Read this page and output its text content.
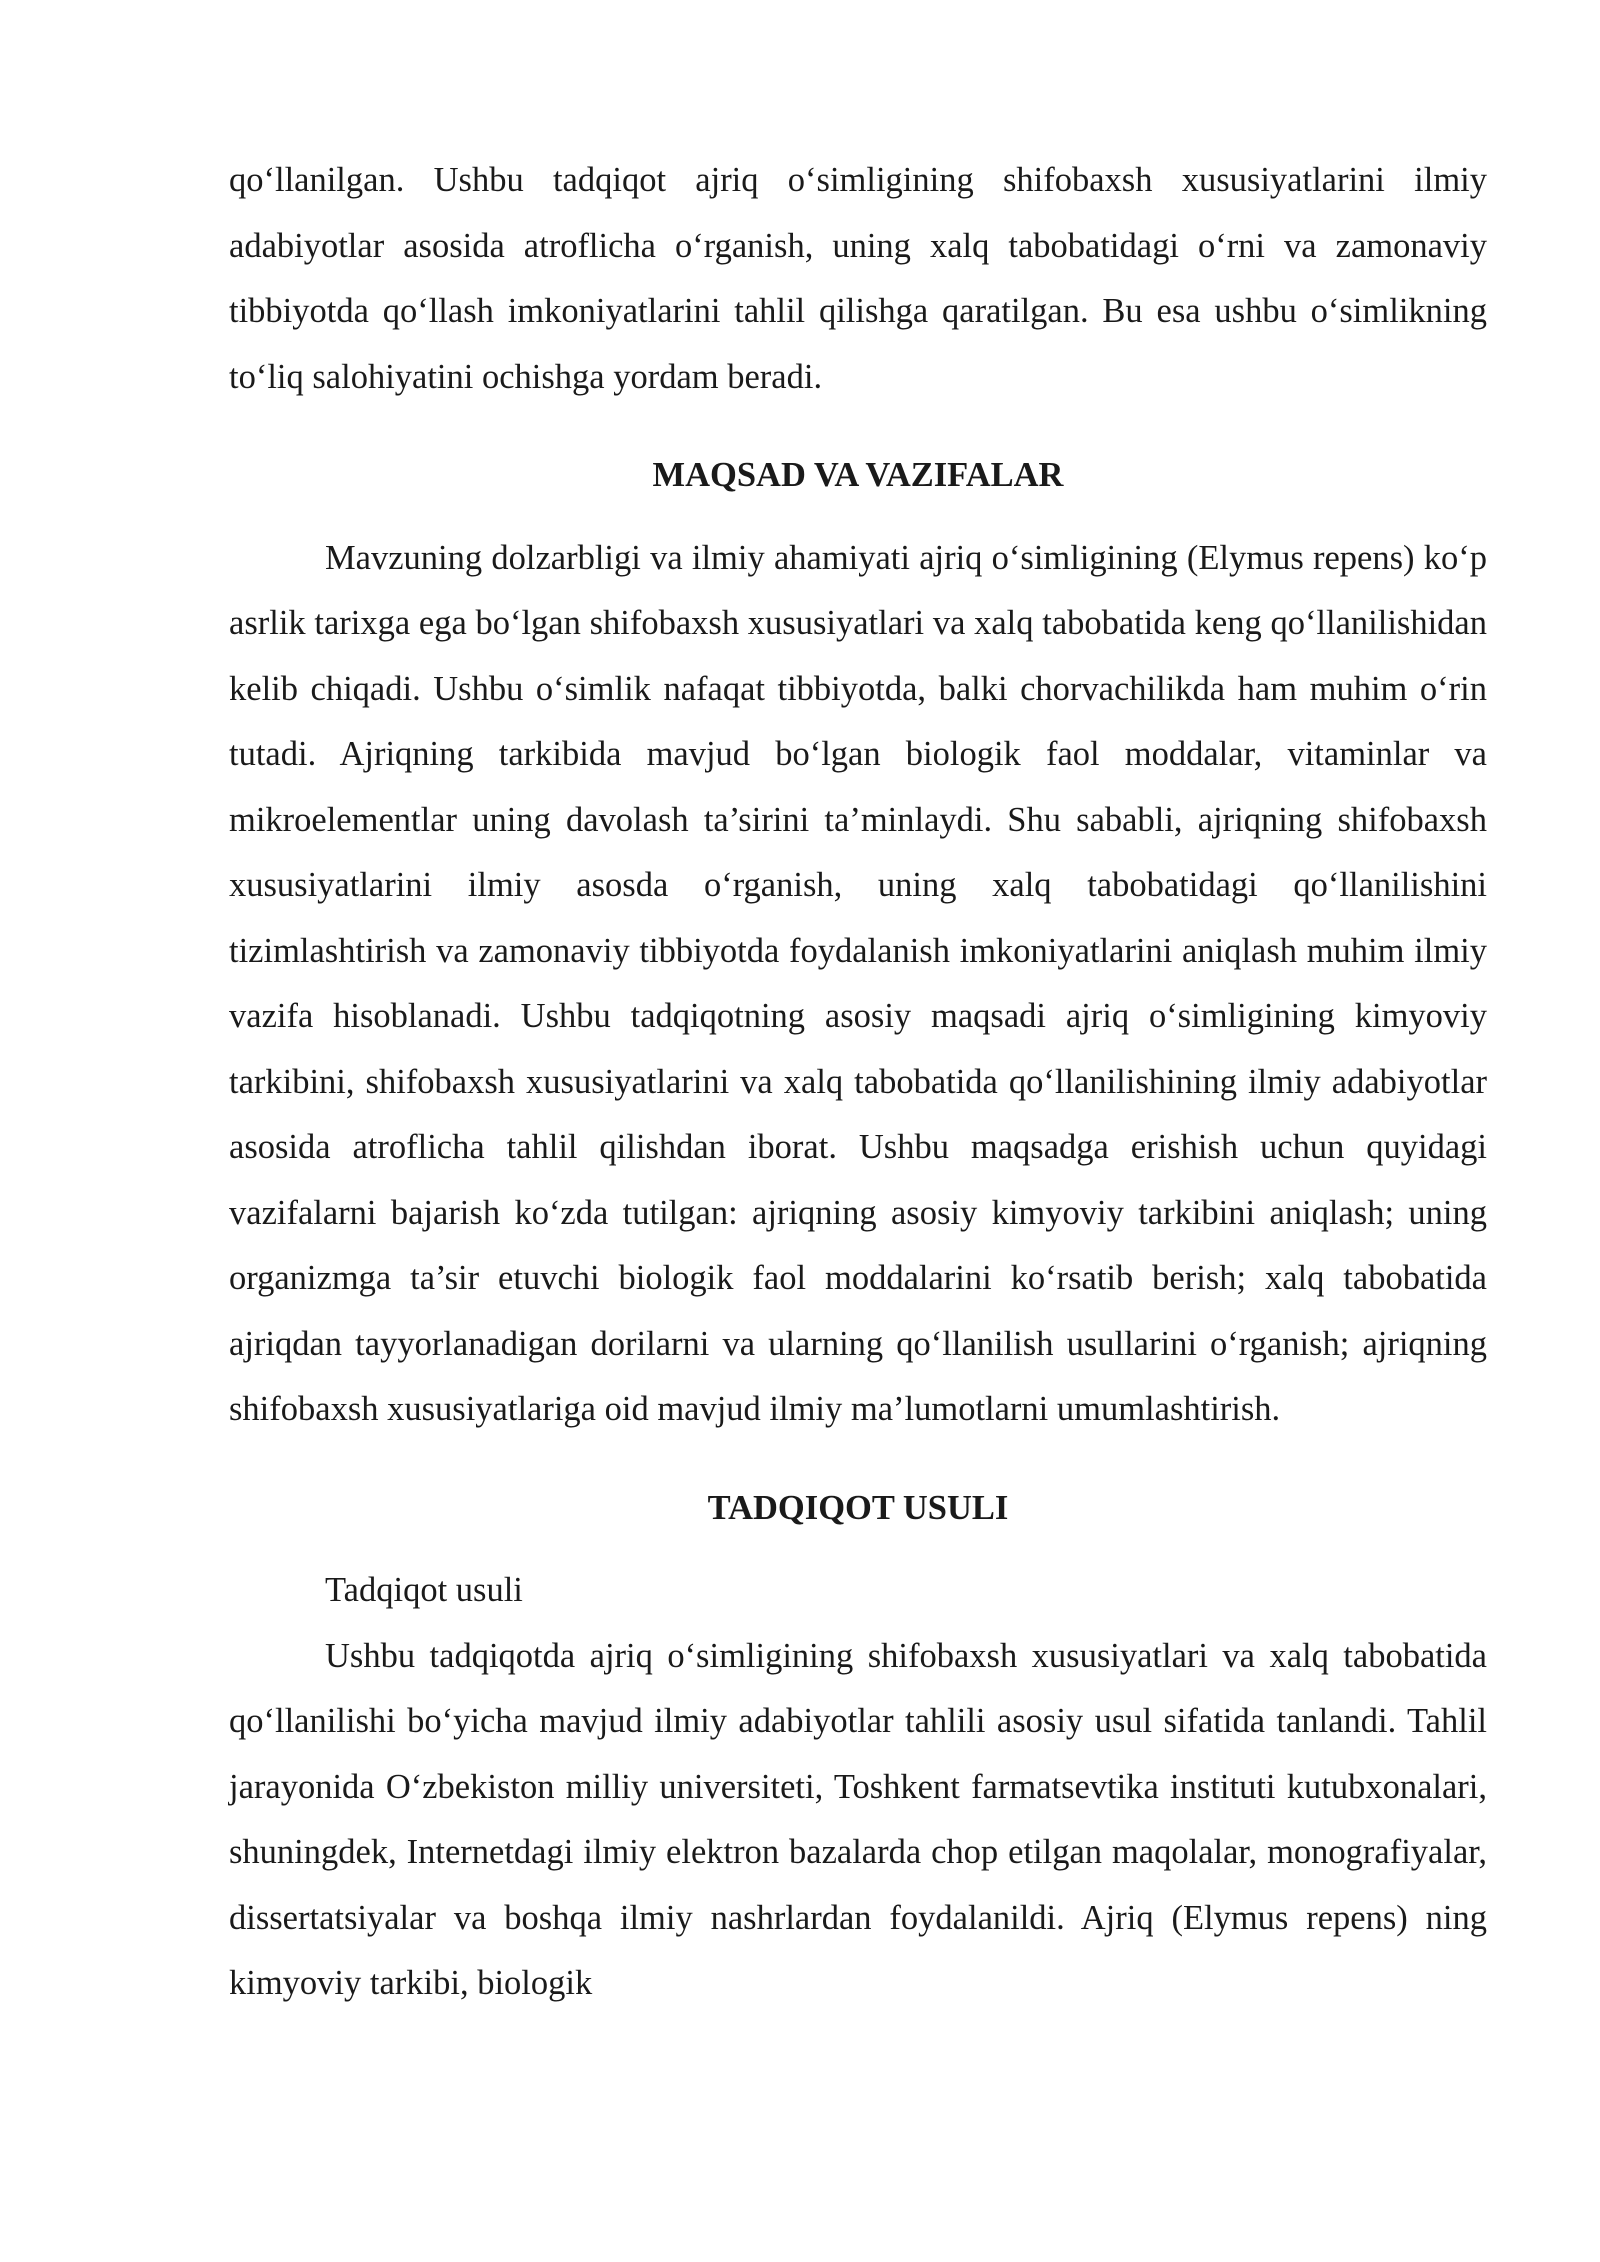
qo‘llanilgan. Ushbu tadqiqot ajriq o‘simligining shifobaxsh xususiyatlarini ilmiy adabiyotlar asosida atroflicha o‘rganish, uning xalq tabobatidagi o‘rni va zamonaviy tibbiyotda qo‘llash imkoniyatlarini tahlil qilishga qaratilgan. Bu esa ushbu o‘simlikning to‘liq salohiyatini ochishga yordam beradi.

MAQSAD VA VAZIFALAR

Mavzuning dolzarbligi va ilmiy ahamiyati ajriq o‘simligining (Elymus repens) ko‘p asrlik tarixga ega bo‘lgan shifobaxsh xususiyatlari va xalq tabobatida keng qo‘llanilishidan kelib chiqadi. Ushbu o‘simlik nafaqat tibbiyotda, balki chorvachilikda ham muhim o‘rin tutadi. Ajriqning tarkibida mavjud bo‘lgan biologik faol moddalar, vitaminlar va mikroelementlar uning davolash ta’sirini ta’minlaydi. Shu sababli, ajriqning shifobaxsh xususiyatlarini ilmiy asosda o‘rganish, uning xalq tabobatidagi qo‘llanilishini tizimlashtirish va zamonaviy tibbiyotda foydalanish imkoniyatlarini aniqlash muhim ilmiy vazifa hisoblanadi. Ushbu tadqiqotning asosiy maqsadi ajriq o‘simligining kimyoviy tarkibini, shifobaxsh xususiyatlarini va xalq tabobatida qo‘llanilishining ilmiy adabiyotlar asosida atroflicha tahlil qilishdan iborat. Ushbu maqsadga erishish uchun quyidagi vazifalarni bajarish ko‘zda tutilgan: ajriqning asosiy kimyoviy tarkibini aniqlash; uning organizmga ta’sir etuvchi biologik faol moddalarini ko‘rsatib berish; xalq tabobatida ajriqdan tayyorlanadigan dorilarni va ularning qo‘llanilish usullarini o‘rganish; ajriqning shifobaxsh xususiyatlariga oid mavjud ilmiy ma’lumotlarni umumlashtirish.

TADQIQOT USULI

Tadqiqot usuli

Ushbu tadqiqotda ajriq o‘simligining shifobaxsh xususiyatlari va xalq tabobatida qo‘llanilishi bo‘yicha mavjud ilmiy adabiyotlar tahlili asosiy usul sifatida tanlandi. Tahlil jarayonida O‘zbekiston milliy universiteti, Toshkent farmatsevtika instituti kutubxonalari, shuningdek, Internetdagi ilmiy elektron bazalarda chop etilgan maqolalar, monografiyalar, dissertatsiyalar va boshqa ilmiy nashrlardan foydalanildi. Ajriq (Elymus repens) ning kimyoviy tarkibi, biologik
